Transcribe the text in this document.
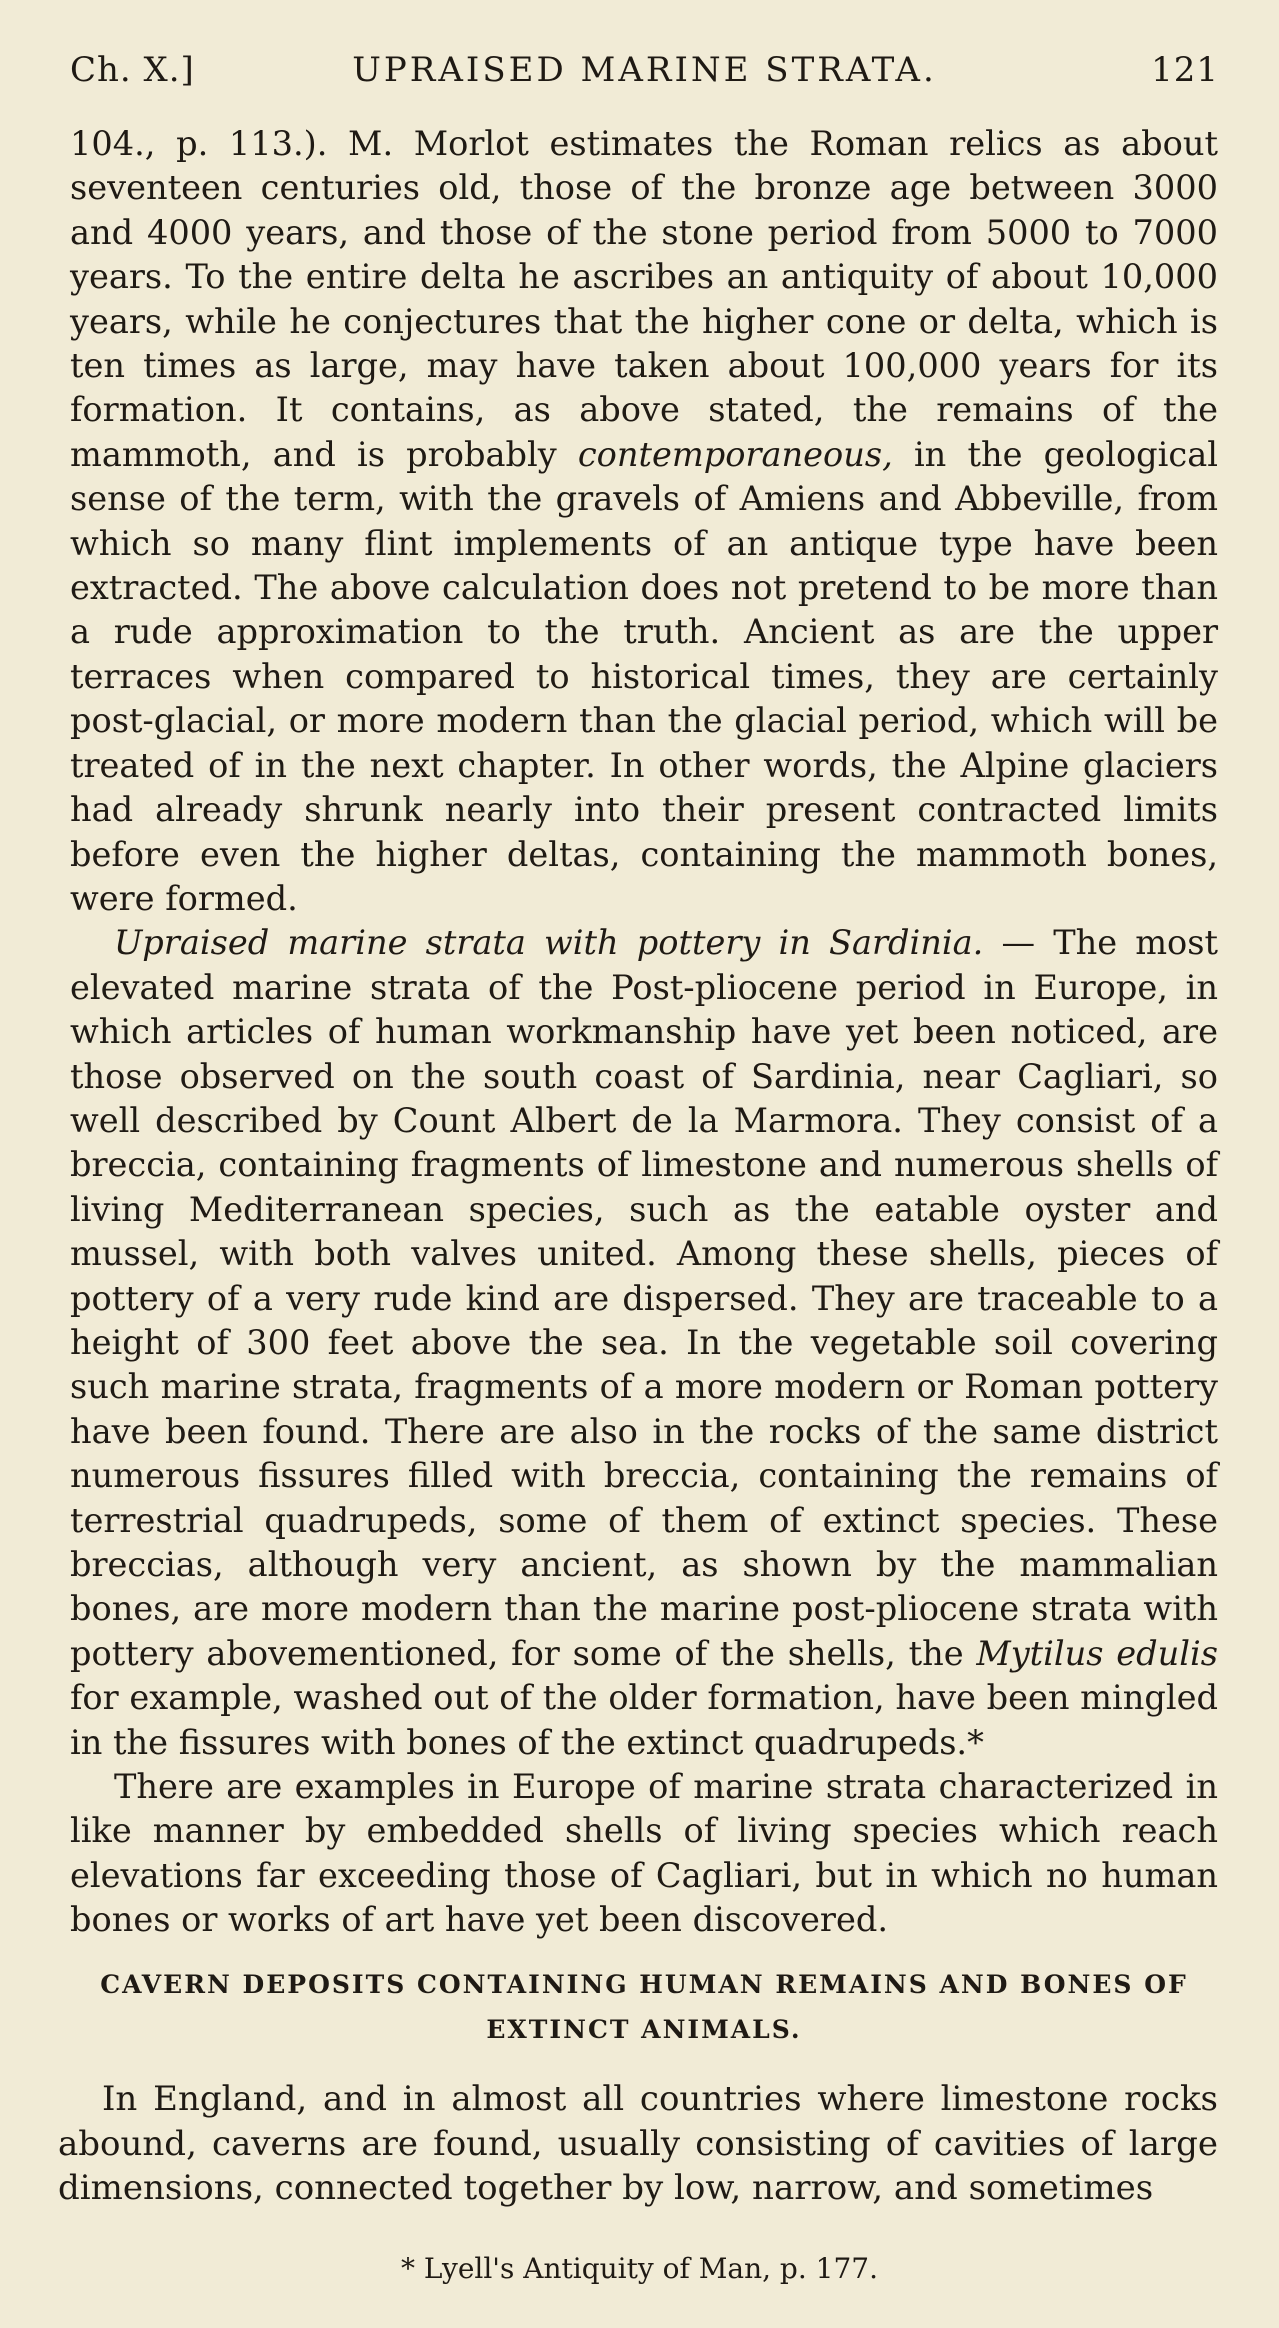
Ch. X.]	UPRAISED MARINE STRATA.	121

104., p. 113.). M. Morlot estimates the Roman relics as about seventeen centuries old, those of the bronze age between 3000 and 4000 years, and those of the stone period from 5000 to 7000 years. To the entire delta he ascribes an antiquity of about 10,000 years, while he conjectures that the higher cone or delta, which is ten times as large, may have taken about 100,000 years for its formation. It contains, as above stated, the remains of the mammoth, and is probably contemporaneous, in the geological sense of the term, with the gravels of Amiens and Abbeville, from which so many flint implements of an antique type have been extracted. The above calculation does not pretend to be more than a rude approximation to the truth. Ancient as are the upper terraces when compared to historical times, they are certainly post-glacial, or more modern than the glacial period, which will be treated of in the next chapter. In other words, the Alpine glaciers had already shrunk nearly into their present contracted limits before even the higher deltas, containing the mammoth bones, were formed.

Upraised marine strata with pottery in Sardinia. — The most elevated marine strata of the Post-pliocene period in Europe, in which articles of human workmanship have yet been noticed, are those observed on the south coast of Sardinia, near Cagliari, so well described by Count Albert de la Marmora. They consist of a breccia, containing fragments of limestone and numerous shells of living Mediterranean species, such as the eatable oyster and mussel, with both valves united. Among these shells, pieces of pottery of a very rude kind are dispersed. They are traceable to a height of 300 feet above the sea. In the vegetable soil covering such marine strata, fragments of a more modern or Roman pottery have been found. There are also in the rocks of the same district numerous fissures filled with breccia, containing the remains of terrestrial quadrupeds, some of them of extinct species. These breccias, although very ancient, as shown by the mammalian bones, are more modern than the marine post-pliocene strata with pottery abovementioned, for some of the shells, the Mytilus edulis for example, washed out of the older formation, have been mingled in the fissures with bones of the extinct quadrupeds.*

There are examples in Europe of marine strata characterized in like manner by embedded shells of living species which reach elevations far exceeding those of Cagliari, but in which no human bones or works of art have yet been discovered.

CAVERN DEPOSITS CONTAINING HUMAN REMAINS AND BONES OF
EXTINCT ANIMALS.

In England, and in almost all countries where limestone rocks abound, caverns are found, usually consisting of cavities of large dimensions, connected together by low, narrow, and sometimes

* Lyell's Antiquity of Man, p. 177.
